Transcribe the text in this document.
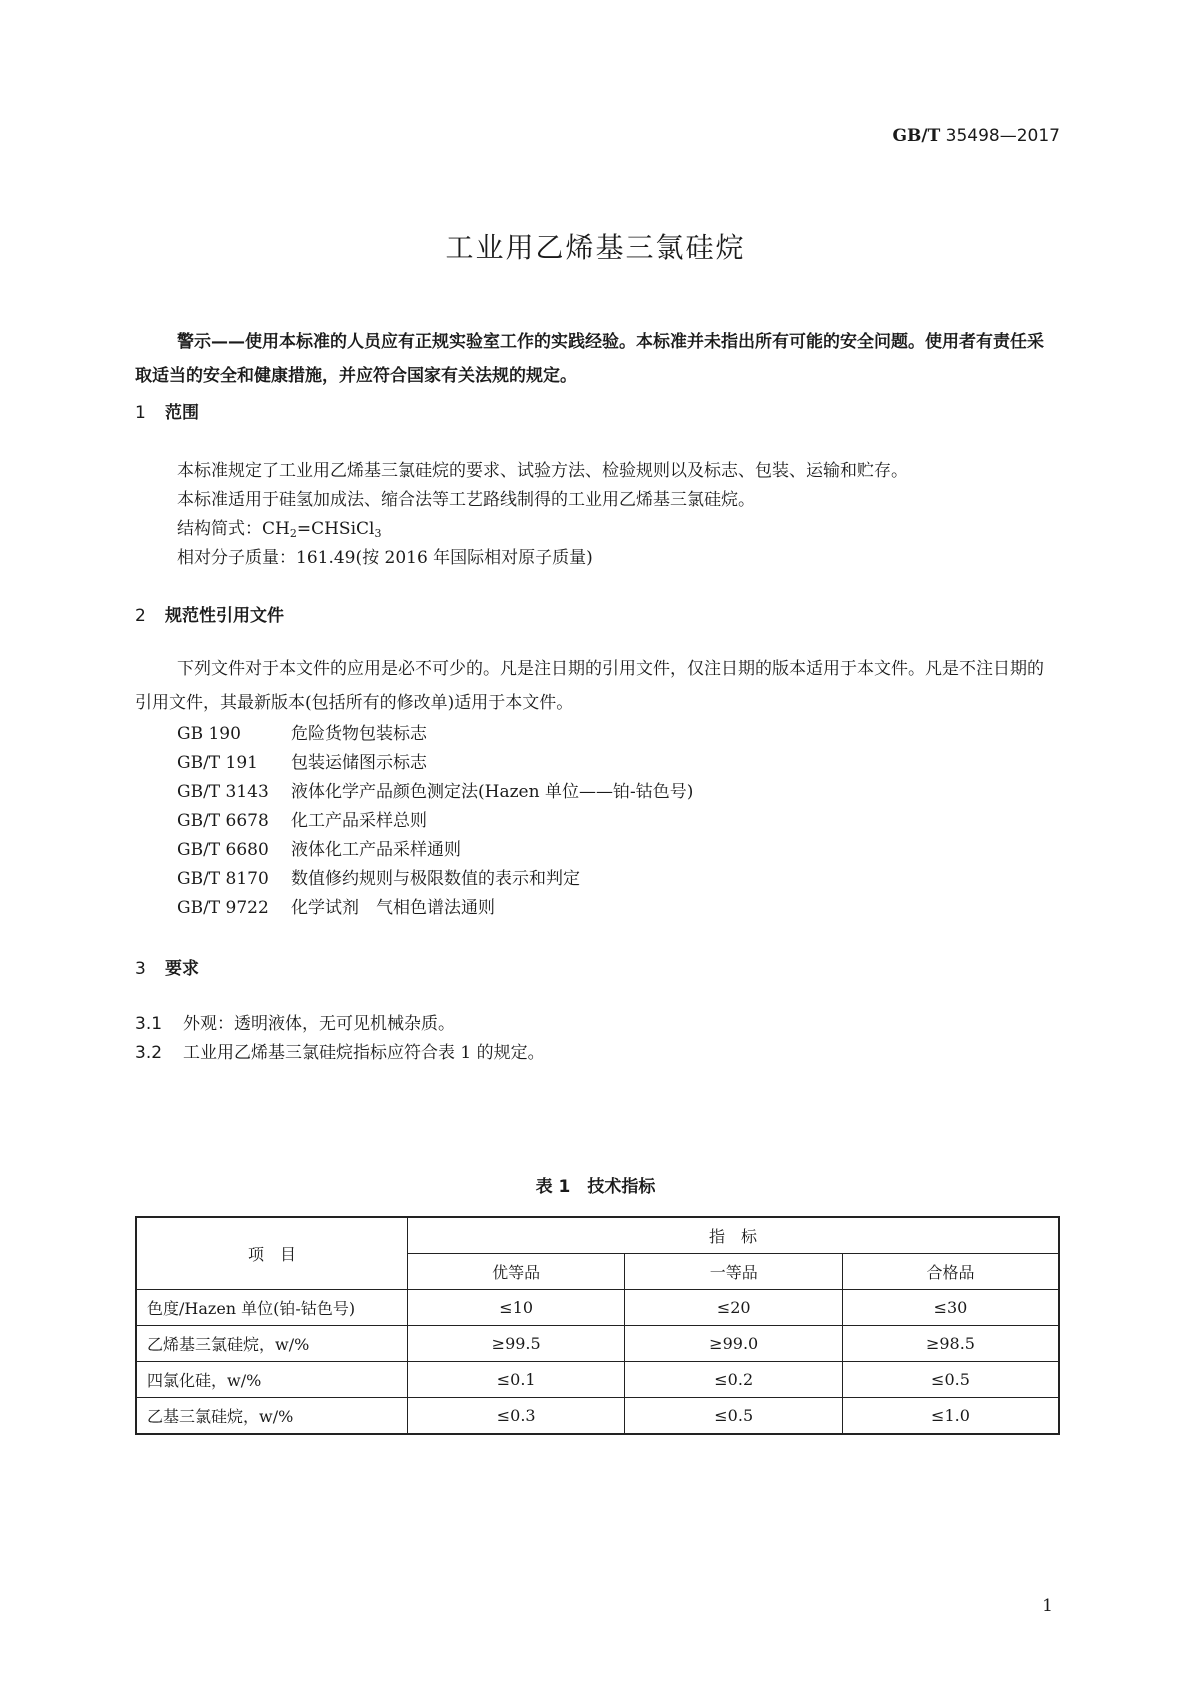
GB/T 35498—2017
工业用乙烯基三氯硅烷
警示——使用本标准的人员应有正规实验室工作的实践经验。本标准并未指出所有可能的安全问题。使用者有责任采取适当的安全和健康措施，并应符合国家有关法规的规定。
1 范围
本标准规定了工业用乙烯基三氯硅烷的要求、试验方法、检验规则以及标志、包装、运输和贮存。
本标准适用于硅氢加成法、缩合法等工艺路线制得的工业用乙烯基三氯硅烷。
结构简式：$CH_2=CHSiCl_3$
相对分子质量：161.49(按 2016 年国际相对原子质量)
2 规范性引用文件
下列文件对于本文件的应用是必不可少的。凡是注日期的引用文件，仅注日期的版本适用于本文件。凡是不注日期的引用文件，其最新版本(包括所有的修改单)适用于本文件。
GB 190	危险货物包装标志
GB/T 191 包装运储图示标志
GB/T 3143 液体化学产品颜色测定法(Hazen 单位——铂-钴色号)
GB/T 6678 化工产品采样总则
GB/T 6680 液体化工产品采样通则
GB/T 8170 数值修约规则与极限数值的表示和判定
GB/T 9722 化学试剂　气相色谱法通则
3 要求
3.1 外观：透明液体，无可见机械杂质。
3.2 工业用乙烯基三氯硅烷指标应符合表 1 的规定。
表 1　技术指标
项　目	指　标		
	优等品	一等品	合格品
色度/Hazen 单位(铂-钴色号)	≤10	≤20	≤30
乙烯基三氯硅烷，w/%	≥99.5	≥99.0	≥98.5
四氯化硅，w/%	≤0.1	≤0.2	≤0.5
乙基三氯硅烷，w/%	≤0.3	≤0.5	≤1.0
1
